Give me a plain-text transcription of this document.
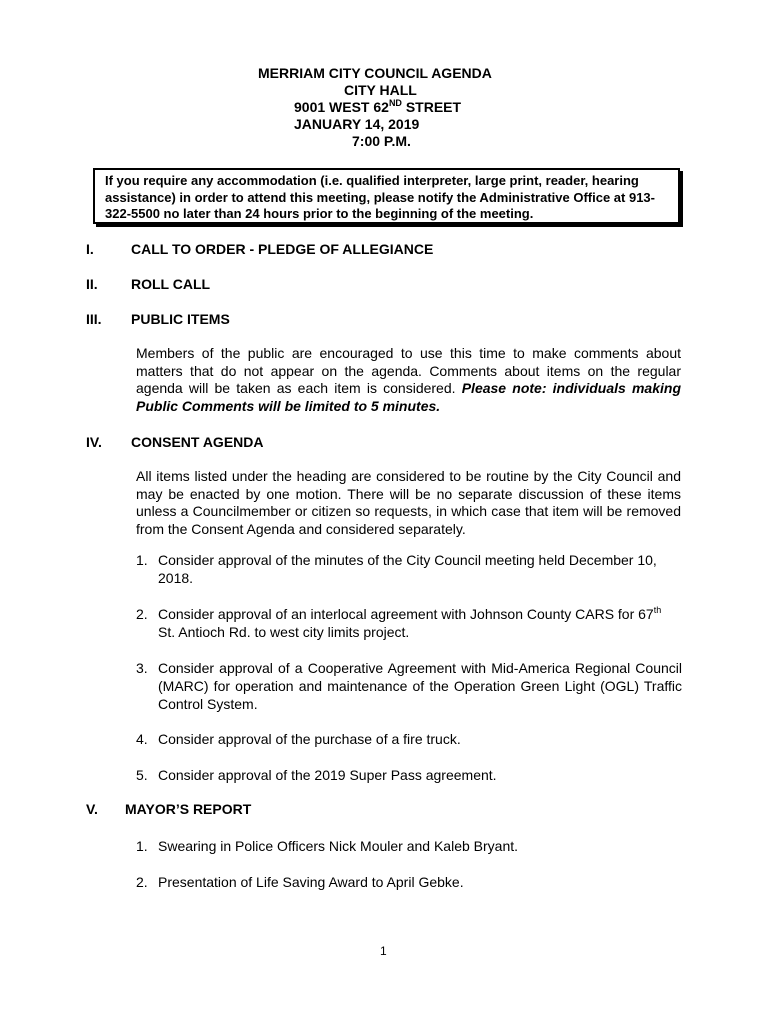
MERRIAM CITY COUNCIL AGENDA
CITY HALL
9001 WEST 62ND STREET
JANUARY 14, 2019
7:00 P.M.
If you require any accommodation (i.e. qualified interpreter, large print, reader, hearing assistance) in order to attend this meeting, please notify the Administrative Office at 913-322-5500 no later than 24 hours prior to the beginning of the meeting.
I.	CALL TO ORDER - PLEDGE OF ALLEGIANCE
II. ROLL CALL
III. PUBLIC ITEMS
Members of the public are encouraged to use this time to make comments about matters that do not appear on the agenda. Comments about items on the regular agenda will be taken as each item is considered. Please note: individuals making Public Comments will be limited to 5 minutes.
IV. CONSENT AGENDA
All items listed under the heading are considered to be routine by the City Council and may be enacted by one motion. There will be no separate discussion of these items unless a Councilmember or citizen so requests, in which case that item will be removed from the Consent Agenda and considered separately.
1. Consider approval of the minutes of the City Council meeting held December 10, 2018.
2. Consider approval of an interlocal agreement with Johnson County CARS for 67th St. Antioch Rd. to west city limits project.
3. Consider approval of a Cooperative Agreement with Mid-America Regional Council (MARC) for operation and maintenance of the Operation Green Light (OGL) Traffic Control System.
4. Consider approval of the purchase of a fire truck.
5. Consider approval of the 2019 Super Pass agreement.
V. MAYOR’S REPORT
1. Swearing in Police Officers Nick Mouler and Kaleb Bryant.
2. Presentation of Life Saving Award to April Gebke.
1
